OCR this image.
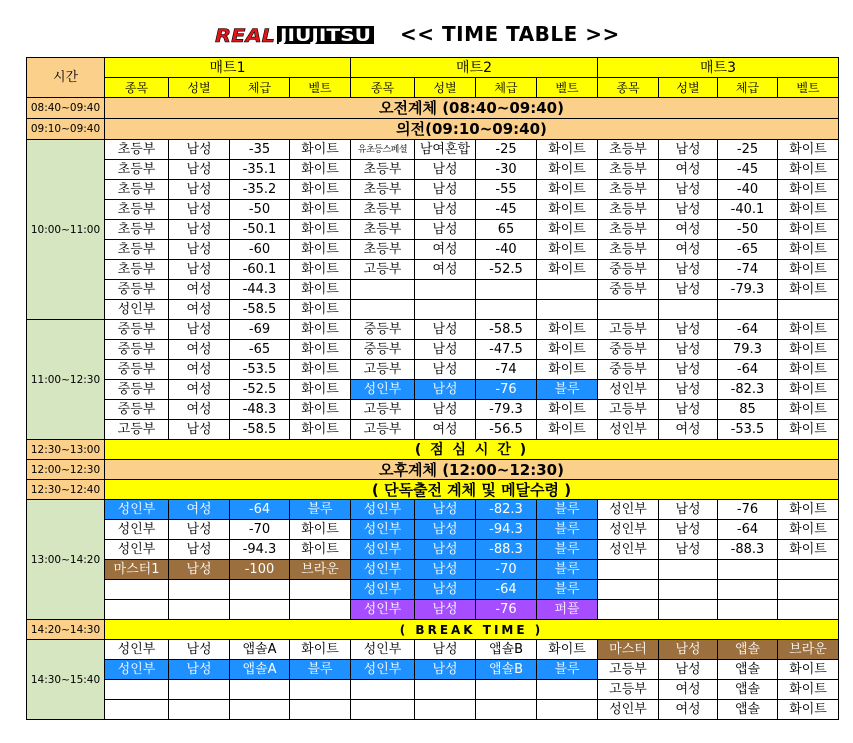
REAL JIUJITSU << TIME TABLE >>
시간	매트1				매트2				매트3			
	종목	성별	체급	벨트	종목	성별	체급	벨트	종목	성별	체급	벨트
08:40~09:40	오전계체 (08:40~09:40)											
09:10~09:40	의전(09:10~09:40)											
10:00~11:00	초등부	남성	-35	화이트	유초등스페셜	남여혼합	-25	화이트	초등부	남성	-25	화이트
	초등부	남성	-35.1	화이트	초등부	남성	-30	화이트	초등부	여성	-45	화이트
	초등부	남성	-35.2	화이트	초등부	남성	-55	화이트	초등부	남성	-40	화이트
	초등부	남성	-50	화이트	초등부	남성	-45	화이트	초등부	남성	-40.1	화이트
	초등부	남성	-50.1	화이트	초등부	남성	65	화이트	초등부	여성	-50	화이트
	초등부	남성	-60	화이트	초등부	여성	-40	화이트	초등부	여성	-65	화이트
	초등부	남성	-60.1	화이트	고등부	여성	-52.5	화이트	중등부	남성	-74	화이트
	중등부	여성	-44.3	화이트					중등부	남성	-79.3	화이트
	성인부	여성	-58.5	화이트								
11:00~12:30	중등부	남성	-69	화이트	중등부	남성	-58.5	화이트	고등부	남성	-64	화이트
	중등부	여성	-65	화이트	중등부	남성	-47.5	화이트	중등부	남성	79.3	화이트
	중등부	여성	-53.5	화이트	고등부	남성	-74	화이트	중등부	남성	-64	화이트
	중등부	여성	-52.5	화이트	성인부	남성	-76	블루	성인부	남성	-82.3	화이트
	중등부	여성	-48.3	화이트	고등부	남성	-79.3	화이트	고등부	남성	85	화이트
	고등부	남성	-58.5	화이트	고등부	여성	-56.5	화이트	성인부	여성	-53.5	화이트
12:30~13:00	( 점 심 시 간 )											
12:00~12:30	오후계체 (12:00~12:30)											
12:30~12:40	( 단독출전 계체 및 메달수령 )											
13:00~14:20	성인부	여성	-64	블루	성인부	남성	-82.3	블루	성인부	남성	-76	화이트
	성인부	남성	-70	화이트	성인부	남성	-94.3	블루	성인부	남성	-64	화이트
	성인부	남성	-94.3	화이트	성인부	남성	-88.3	블루	성인부	남성	-88.3	화이트
	마스터1	남성	-100	브라운	성인부	남성	-70	블루				
					성인부	남성	-64	블루				
					성인부	남성	-76	퍼플				
14:20~14:30	( BREAK TIME )											
14:30~15:40	성인부	남성	앱솔A	화이트	성인부	남성	앱솔B	화이트	마스터	남성	앱솔	브라운
	성인부	남성	앱솔A	블루	성인부	남성	앱솔B	블루	고등부	남성	앱솔	화이트
									고등부	여성	앱솔	화이트
									성인부	여성	앱솔	화이트
